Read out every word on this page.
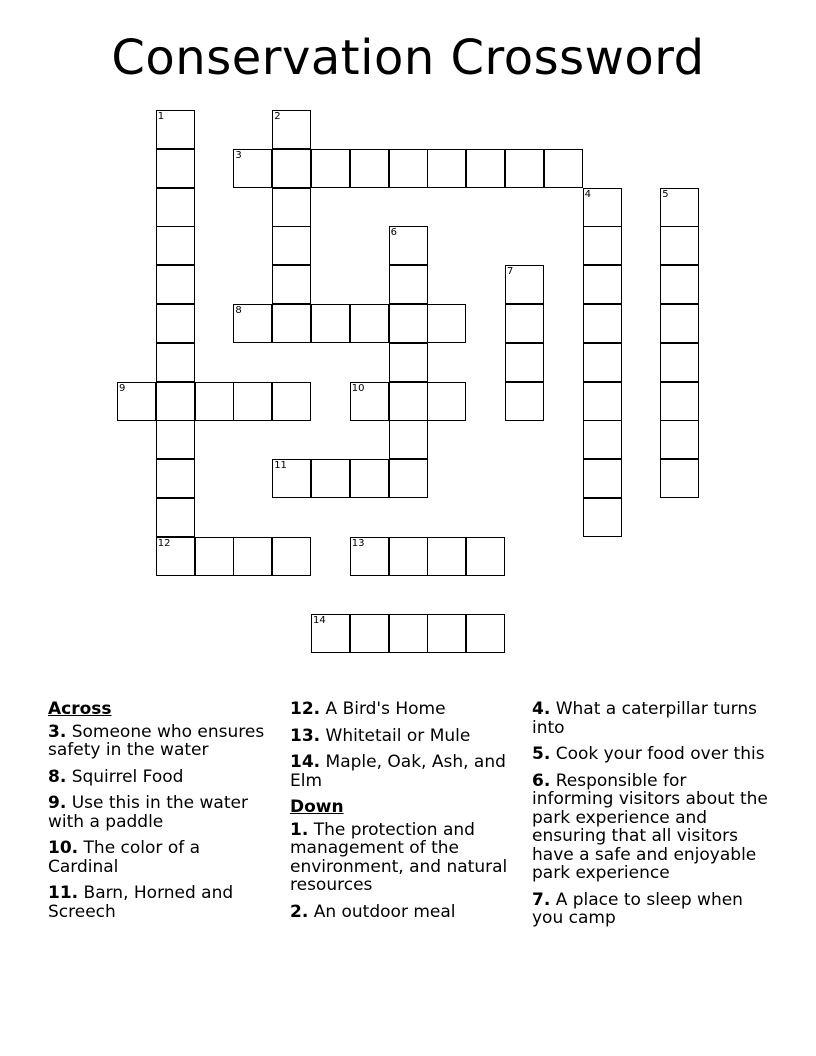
Conservation Crossword
1	2
3
4	5
6
7
8
9	10
11
12	13
14
Across
3. Someone who ensures safety in the water
8. Squirrel Food
9. Use this in the water with a paddle
10. The color of a Cardinal
11. Barn, Horned and Screech
12. A Bird's Home
13. Whitetail or Mule
14. Maple, Oak, Ash, and Elm
Down
1. The protection and management of the environment, and natural resources
2. An outdoor meal
4. What a caterpillar turns into
5. Cook your food over this
6. Responsible for informing visitors about the park experience and ensuring that all visitors have a safe and enjoyable park experience
7. A place to sleep when you camp
